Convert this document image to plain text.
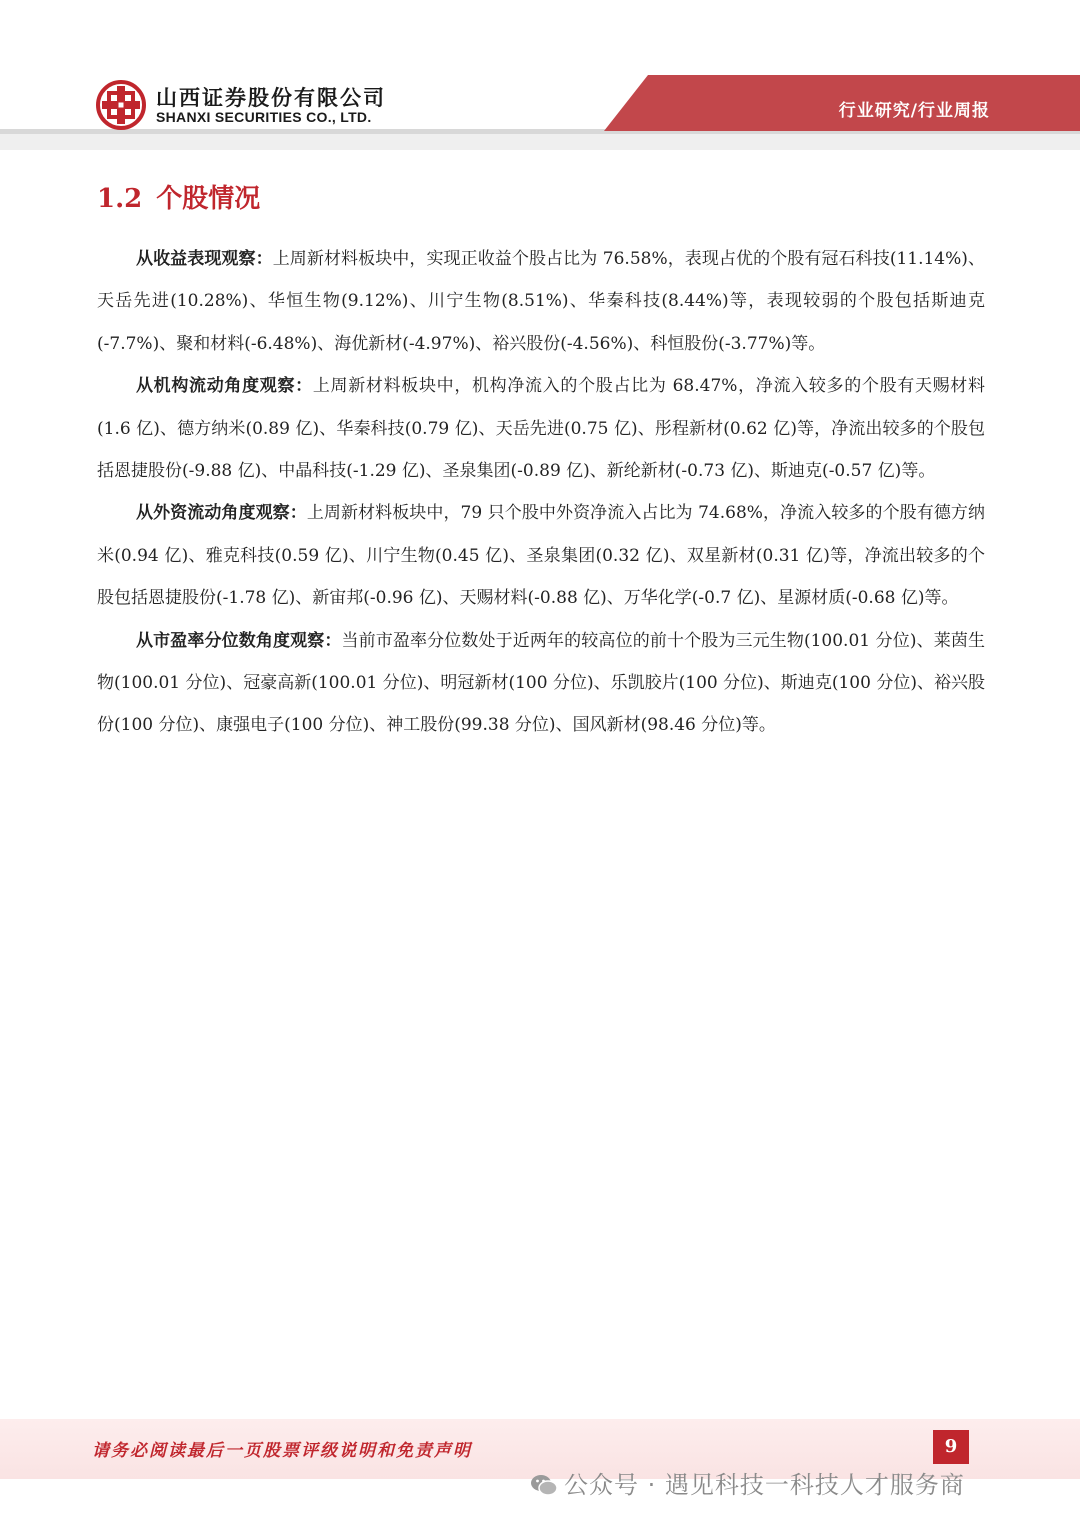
山西证券股份有限公司
SHANXI SECURITIES CO., LTD.	行业研究/行业周报
1.2 个股情况

从收益表现观察：上周新材料板块中，实现正收益个股占比为 76.58%，表现占优的个股有冠石科技(11.14%)、天岳先进(10.28%)、华恒生物(9.12%)、川宁生物(8.51%)、华秦科技(8.44%)等，表现较弱的个股包括斯迪克(-7.7%)、聚和材料(-6.48%)、海优新材(-4.97%)、裕兴股份(-4.56%)、科恒股份(-3.77%)等。

从机构流动角度观察：上周新材料板块中，机构净流入的个股占比为 68.47%，净流入较多的个股有天赐材料(1.6 亿)、德方纳米(0.89 亿)、华秦科技(0.79 亿)、天岳先进(0.75 亿)、彤程新材(0.62 亿)等，净流出较多的个股包括恩捷股份(-9.88 亿)、中晶科技(-1.29 亿)、圣泉集团(-0.89 亿)、新纶新材(-0.73 亿)、斯迪克(-0.57 亿)等。

从外资流动角度观察：上周新材料板块中，79 只个股中外资净流入占比为 74.68%，净流入较多的个股有德方纳米(0.94 亿)、雅克科技(0.59 亿)、川宁生物(0.45 亿)、圣泉集团(0.32 亿)、双星新材(0.31 亿)等，净流出较多的个股包括恩捷股份(-1.78 亿)、新宙邦(-0.96 亿)、天赐材料(-0.88 亿)、万华化学(-0.7 亿)、星源材质(-0.68 亿)等。

从市盈率分位数角度观察：当前市盈率分位数处于近两年的较高位的前十个股为三元生物(100.01 分位)、莱茵生物(100.01 分位)、冠豪高新(100.01 分位)、明冠新材(100 分位)、乐凯胶片(100 分位)、斯迪克(100 分位)、裕兴股份(100 分位)、康强电子(100 分位)、神工股份(99.38 分位)、国风新材(98.46 分位)等。

请务必阅读最后一页股票评级说明和免责声明	9
公众号 · 遇见科技一科技人才服务商
